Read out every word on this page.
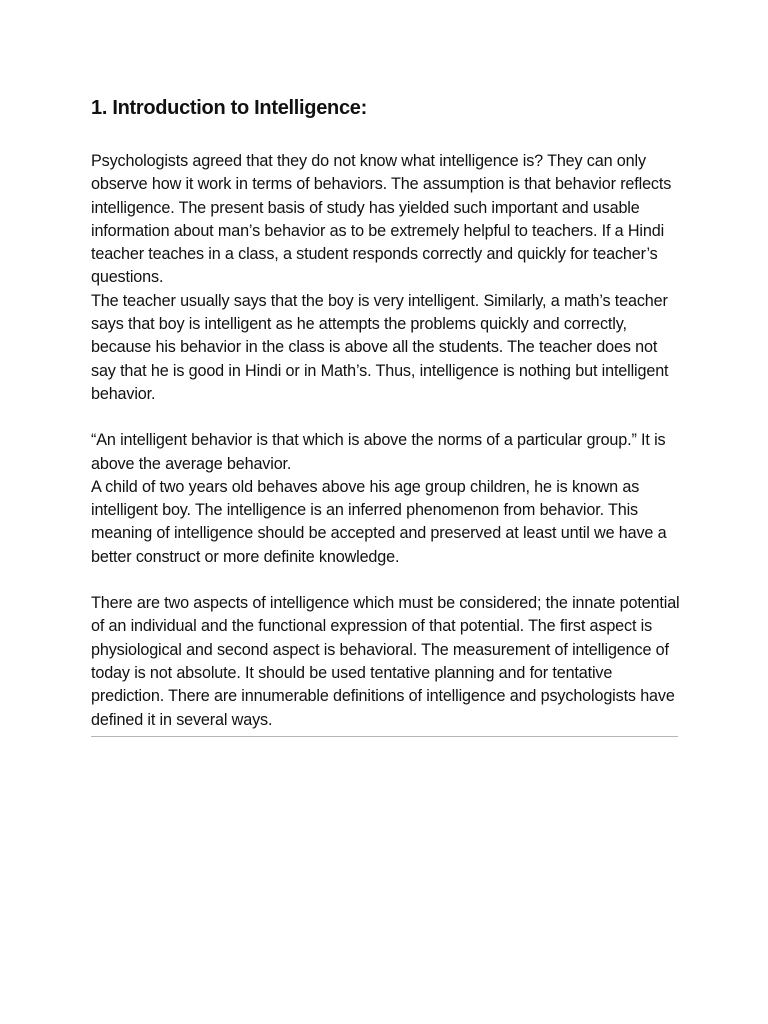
1. Introduction to Intelligence:

Psychologists agreed that they do not know what intelligence is? They can only observe how it work in terms of behaviors. The assumption is that behavior reflects intelligence. The present basis of study has yielded such important and usable information about man’s behavior as to be extremely helpful to teachers. If a Hindi teacher teaches in a class, a student responds correctly and quickly for teacher’s questions.

The teacher usually says that the boy is very intelligent. Similarly, a math’s teacher says that boy is intelligent as he attempts the problems quickly and correctly, because his behavior in the class is above all the students. The teacher does not say that he is good in Hindi or in Math’s. Thus, intelligence is nothing but intelligent behavior.

“An intelligent behavior is that which is above the norms of a particular group.” It is above the average behavior.

A child of two years old behaves above his age group children, he is known as intelligent boy. The intelligence is an inferred phenomenon from behavior. This meaning of intelligence should be accepted and preserved at least until we have a better construct or more definite knowledge.

There are two aspects of intelligence which must be considered; the innate potential of an individual and the functional expression of that potential. The first aspect is physiological and second aspect is behavioral. The measurement of intelligence of today is not absolute. It should be used tentative planning and for tentative prediction. There are innumerable definitions of intelligence and psychologists have defined it in several ways.
